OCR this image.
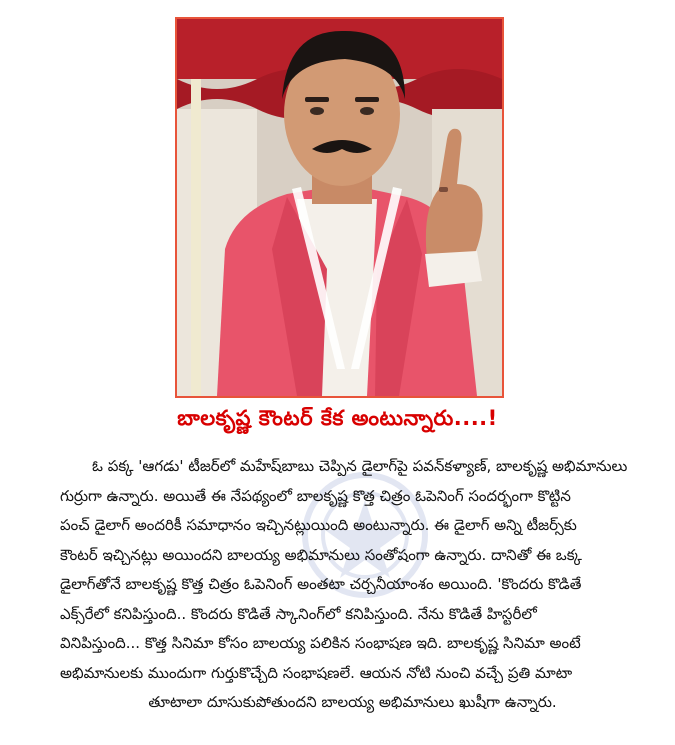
బాలకృష్ణ కౌంటర్ కేక అంటున్నారు....!
ఓ పక్క 'ఆగడు' టీజర్‌లో మహేష్‌బాబు చెప్పిన డైలాగ్‌పై పవన్‌కళ్యాణ్, బాలకృష్ణ అభిమానులు
గుర్రుగా ఉన్నారు. అయితే ఈ నేపథ్యంలో బాలకృష్ణ కొత్త చిత్రం ఓపెనింగ్ సందర్భంగా కొట్టిన
పంచ్ డైలాగ్ అందరికీ సమాధానం ఇచ్చినట్లుయింది అంటున్నారు. ఈ డైలాగ్ అన్ని టీజర్స్‌కు
కౌంటర్ ఇచ్చినట్లు అయిందని బాలయ్య అభిమానులు సంతోషంగా ఉన్నారు. దానితో ఈ ఒక్క
డైలాగ్‌తోనే బాలకృష్ణ కొత్త చిత్రం ఓపెనింగ్ అంతటా చర్చనీయాంశం అయింది. 'కొందరు కొడితే
ఎక్స్‌రేలో కనిపిస్తుంది.. కొందరు కొడితే స్కానింగ్‌లో కనిపిస్తుంది. నేను కొడితే హిస్టరీలో
వినిపిస్తుంది... కొత్త సినిమా కోసం బాలయ్య పలికిన సంభాషణ ఇది. బాలకృష్ణ సినిమా అంటే
అభిమానులకు ముందుగా గుర్తుకొచ్చేది సంభాషణలే. ఆయన నోటి నుంచి వచ్చే ప్రతి మాటా
తూటాలా దూసుకుపోతుందని బాలయ్య అభిమానులు ఖుషీగా ఉన్నారు.
